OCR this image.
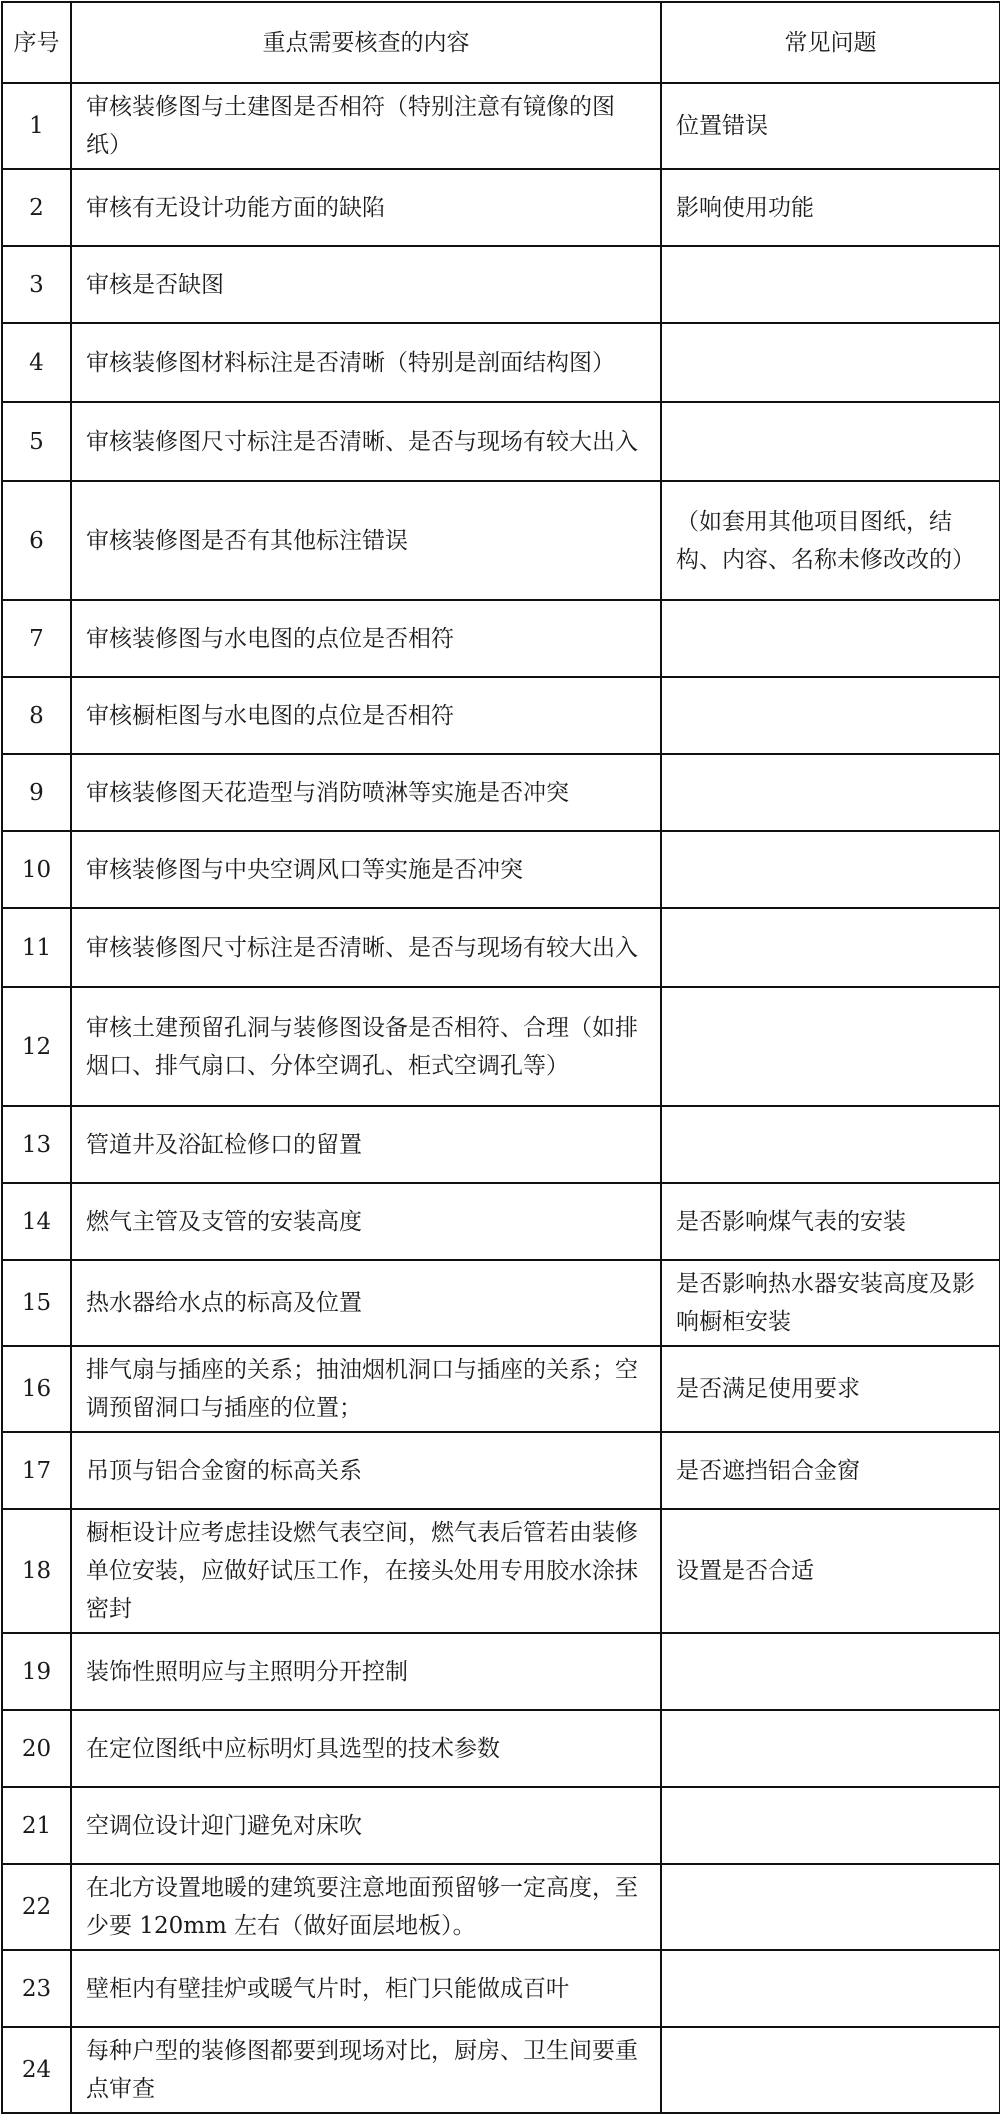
序号	重点需要核查的内容	常见问题
1	审核装修图与土建图是否相符（特别注意有镜像的图纸）	位置错误
2	审核有无设计功能方面的缺陷	影响使用功能
3	审核是否缺图	
4	审核装修图材料标注是否清晰（特别是剖面结构图）	
5	审核装修图尺寸标注是否清晰、是否与现场有较大出入	
6	审核装修图是否有其他标注错误	（如套用其他项目图纸，结构、内容、名称未修改改的）
7	审核装修图与水电图的点位是否相符	
8	审核橱柜图与水电图的点位是否相符	
9	审核装修图天花造型与消防喷淋等实施是否冲突	
10	审核装修图与中央空调风口等实施是否冲突	
11	审核装修图尺寸标注是否清晰、是否与现场有较大出入	
12	审核土建预留孔洞与装修图设备是否相符、合理（如排烟口、排气扇口、分体空调孔、柜式空调孔等）	
13	管道井及浴缸检修口的留置	
14	燃气主管及支管的安装高度	是否影响煤气表的安装
15	热水器给水点的标高及位置	是否影响热水器安装高度及影响橱柜安装
16	排气扇与插座的关系；抽油烟机洞口与插座的关系；空调预留洞口与插座的位置；	是否满足使用要求
17	吊顶与铝合金窗的标高关系	是否遮挡铝合金窗
18	橱柜设计应考虑挂设燃气表空间，燃气表后管若由装修单位安装，应做好试压工作，在接头处用专用胶水涂抹密封	设置是否合适
19	装饰性照明应与主照明分开控制	
20	在定位图纸中应标明灯具选型的技术参数	
21	空调位设计迎门避免对床吹	
22	在北方设置地暖的建筑要注意地面预留够一定高度，至少要 120mm 左右（做好面层地板）。	
23	壁柜内有壁挂炉或暖气片时，柜门只能做成百叶	
24	每种户型的装修图都要到现场对比，厨房、卫生间要重点审查	
